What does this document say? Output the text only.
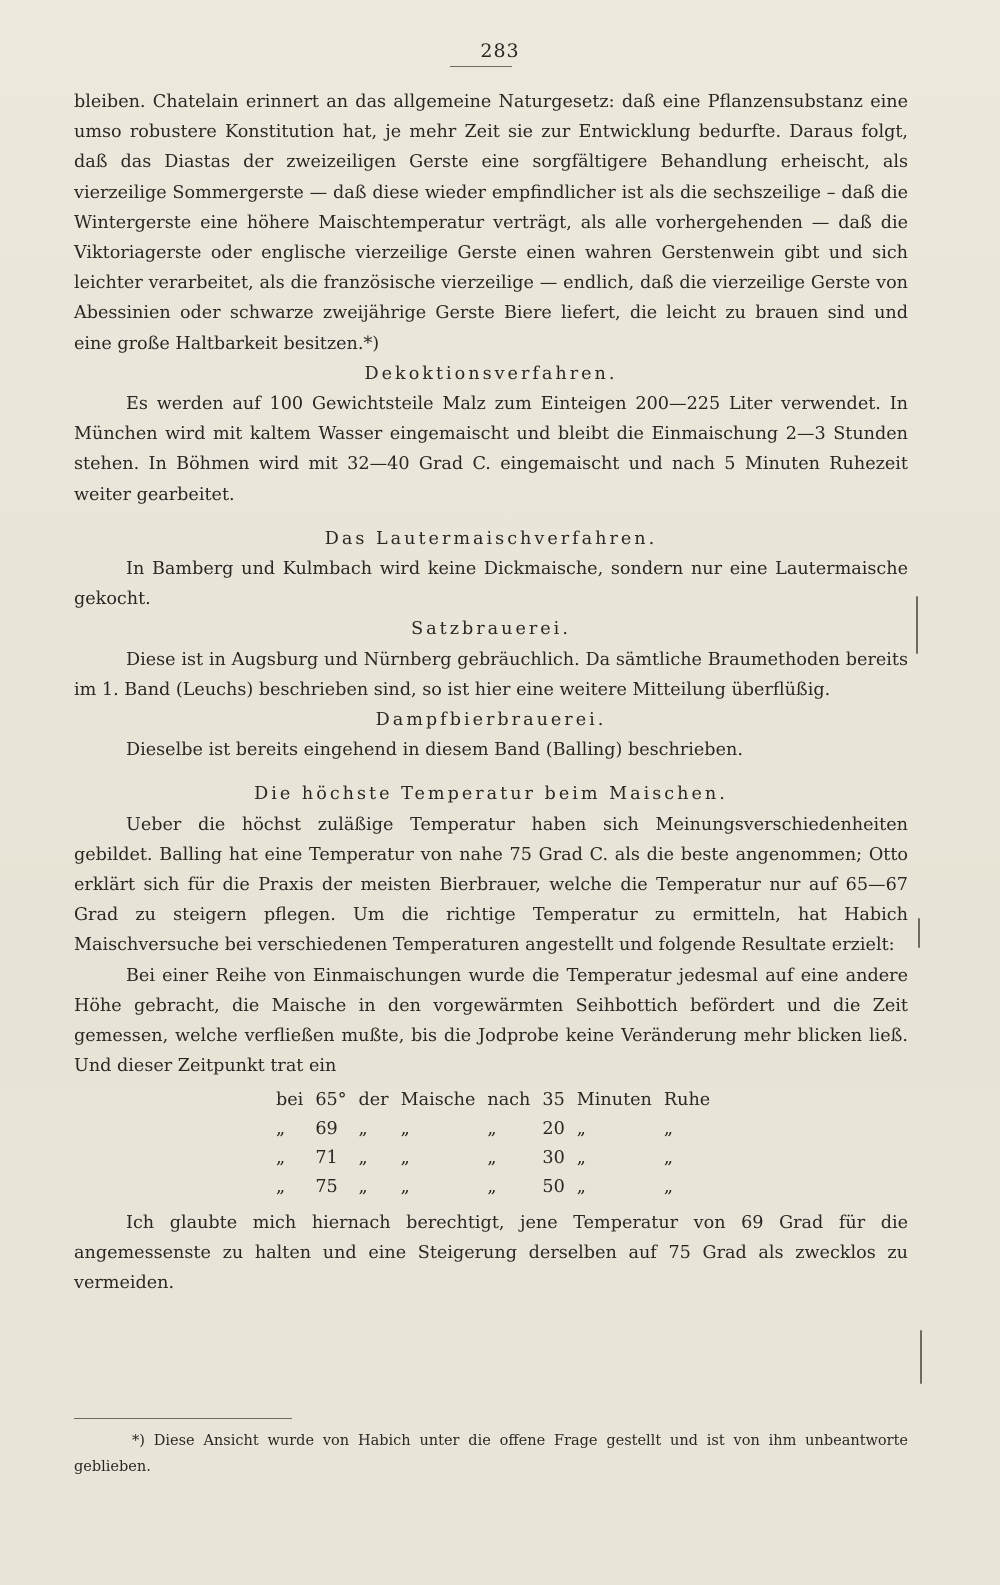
283

bleiben. Chatelain erinnert an das allgemeine Naturgesetz: daß eine Pflanzensubstanz eine umso robustere Konstitution hat, je mehr Zeit sie zur Entwicklung bedurfte. Daraus folgt, daß das Diastas der zweizeiligen Gerste eine sorgfältigere Behandlung erheischt, als vierzeilige Sommergerste — daß diese wieder empfindlicher ist als die sechszeilige – daß die Wintergerste eine höhere Maischtemperatur verträgt, als alle vorhergehenden — daß die Viktoriagerste oder englische vierzeilige Gerste einen wahren Gerstenwein gibt und sich leichter verarbeitet, als die französische vierzeilige — endlich, daß die vierzeilige Gerste von Abessinien oder schwarze zweijährige Gerste Biere liefert, die leicht zu brauen sind und eine große Haltbarkeit besitzen.*)

Dekoktionsverfahren.

Es werden auf 100 Gewichtsteile Malz zum Einteigen 200—225 Liter verwendet. In München wird mit kaltem Wasser eingemaischt und bleibt die Einmaischung 2—3 Stunden stehen. In Böhmen wird mit 32—40 Grad C. eingemaischt und nach 5 Minuten Ruhezeit weiter gearbeitet.

Das Lautermaischverfahren.

In Bamberg und Kulmbach wird keine Dickmaische, sondern nur eine Lautermaische gekocht.

Satzbrauerei.

Diese ist in Augsburg und Nürnberg gebräuchlich. Da sämtliche Braumethoden bereits im 1. Band (Leuchs) beschrieben sind, so ist hier eine weitere Mitteilung überflüßig.

Dampfbierbrauerei.

Dieselbe ist bereits eingehend in diesem Band (Balling) beschrieben.

Die höchste Temperatur beim Maischen.

Ueber die höchst zuläßige Temperatur haben sich Meinungsverschiedenheiten gebildet. Balling hat eine Temperatur von nahe 75 Grad C. als die beste angenommen; Otto erklärt sich für die Praxis der meisten Bierbrauer, welche die Temperatur nur auf 65—67 Grad zu steigern pflegen. Um die richtige Temperatur zu ermitteln, hat Habich Maischversuche bei verschiedenen Temperaturen angestellt und folgende Resultate erzielt:

Bei einer Reihe von Einmaischungen wurde die Temperatur jedesmal auf eine andere Höhe gebracht, die Maische in den vorgewärmten Seihbottich befördert und die Zeit gemessen, welche verfließen mußte, bis die Jodprobe keine Veränderung mehr blicken ließ. Und dieser Zeitpunkt trat ein

bei	65°	der	Maische	nach	35	Minuten	Ruhe
„	69	„	„	„	20	„	„
„	71	„	„	„	30	„	„
„	75	„	„	„	50	„	„

Ich glaubte mich hiernach berechtigt, jene Temperatur von 69 Grad für die angemessenste zu halten und eine Steigerung derselben auf 75 Grad als zwecklos zu vermeiden.

*) Diese Ansicht wurde von Habich unter die offene Frage gestellt und ist von ihm unbeantworte geblieben.
